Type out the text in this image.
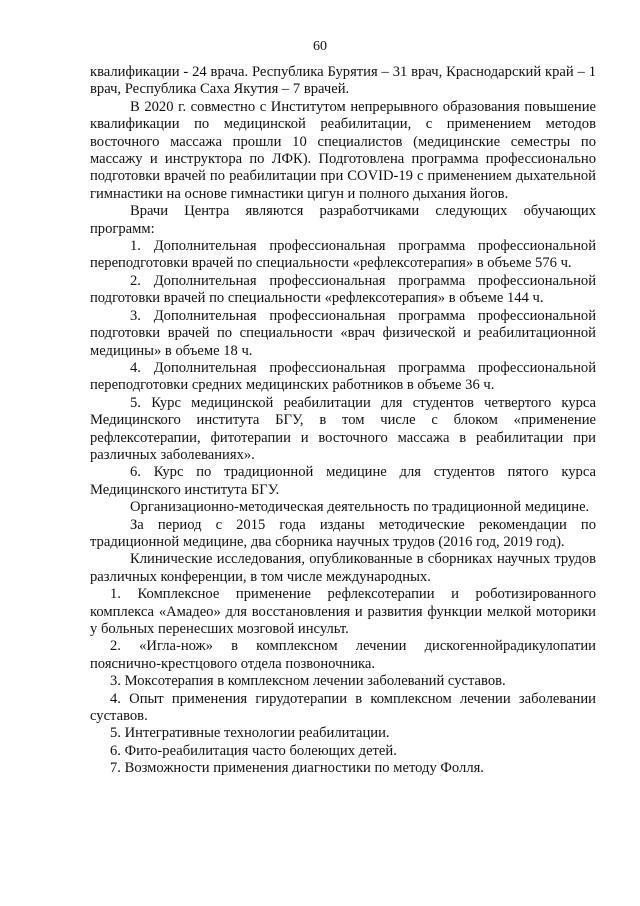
60

квалификации - 24 врача. Республика Бурятия – 31 врач, Краснодарский край – 1 врач, Республика Саха Якутия – 7 врачей.

В 2020 г. совместно с Институтом непрерывного образования повышение квалификации по медицинской реабилитации, с применением методов восточного массажа прошли 10 специалистов (медицинские семестры по массажу и инструктора по ЛФК). Подготовлена программа профессионально подготовки врачей по реабилитации при COVID-19 с применением дыхательной гимнастики на основе гимнастики цигун и полного дыхания йогов.

Врачи Центра являются разработчиками следующих обучающих программ:

1. Дополнительная профессиональная программа профессиональной переподготовки врачей по специальности «рефлексотерапия» в объеме 576 ч.

2. Дополнительная профессиональная программа профессиональной подготовки врачей по специальности «рефлексотерапия» в объеме 144 ч.

3. Дополнительная профессиональная программа профессиональной подготовки врачей по специальности «врач физической и реабилитационной медицины» в объеме 18 ч.

4. Дополнительная профессиональная программа профессиональной переподготовки средних медицинских работников в объеме 36 ч.

5. Курс медицинской реабилитации для студентов четвертого курса Медицинского института БГУ, в том числе с блоком «применение рефлексотерапии, фитотерапии и восточного массажа в реабилитации при различных заболеваниях».

6. Курс по традиционной медицине для студентов пятого курса Медицинского института БГУ.

Организационно-методическая деятельность по традиционной медицине.

За период с 2015 года изданы методические рекомендации по традиционной медицине, два сборника научных трудов (2016 год, 2019 год).

Клинические исследования, опубликованные в сборниках научных трудов различных конференции, в том числе международных.

1. Комплексное применение рефлексотерапии и роботизированного комплекса «Амадео» для восстановления и развития функции мелкой моторики у больных перенесших мозговой инсульт.

2. «Игла-нож» в комплексном лечении дискогеннойрадикулопатии пояснично-крестцового отдела позвоночника.

3. Моксотерапия в комплексном лечении заболеваний суставов.

4. Опыт применения гирудотерапии в комплексном лечении заболевании суставов.

5. Интегративные технологии реабилитации.

6. Фито-реабилитация часто болеющих детей.

7. Возможности применения диагностики по методу Фолля.
